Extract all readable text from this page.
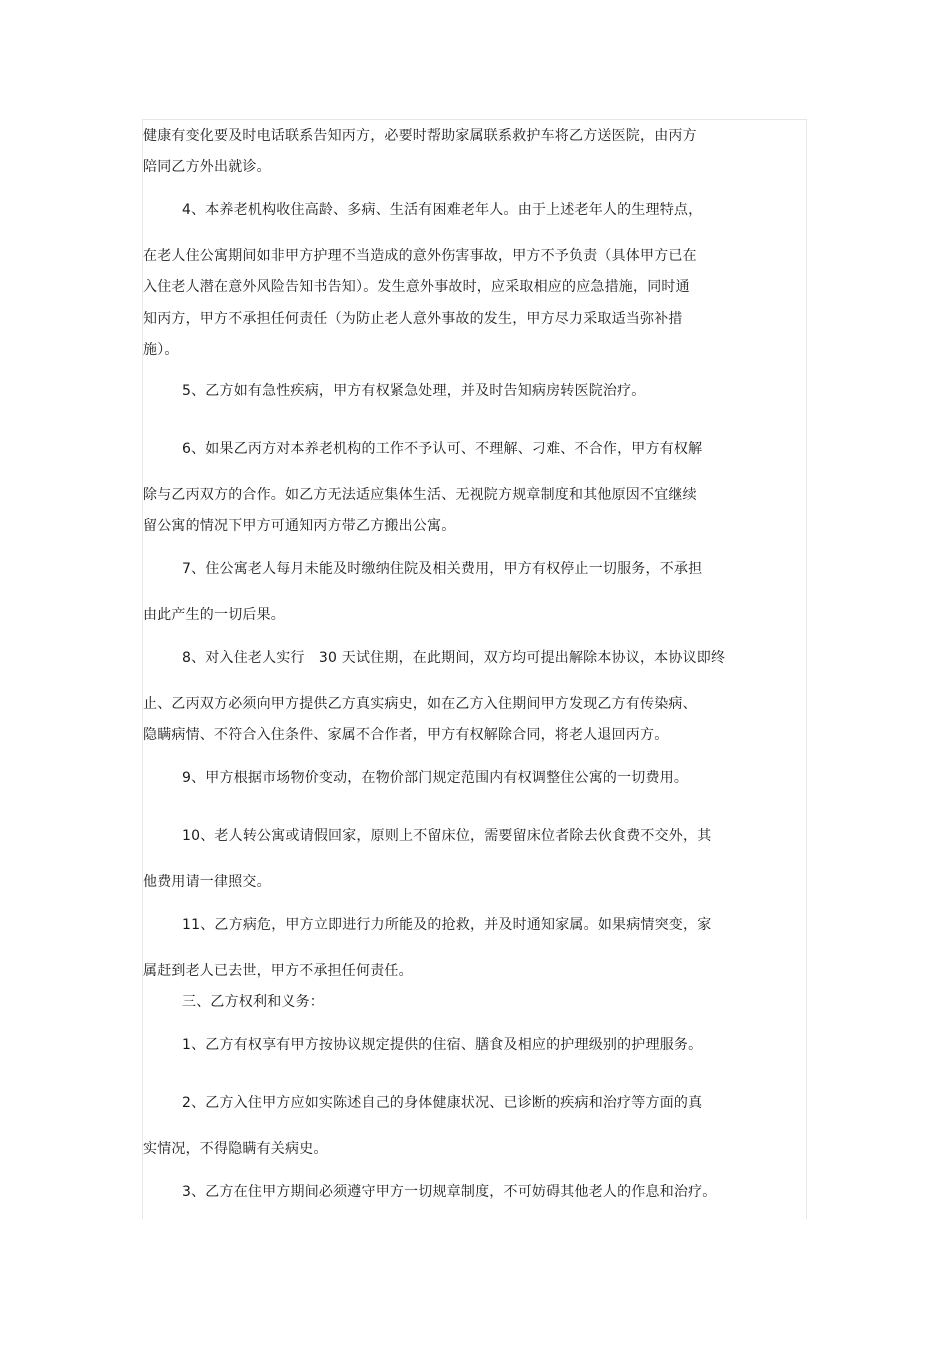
健康有变化要及时电话联系告知丙方，必要时帮助家属联系救护车将乙方送医院，由丙方
陪同乙方外出就诊。
4、本养老机构收住高龄、多病、生活有困难老年人。由于上述老年人的生理特点，
在老人住公寓期间如非甲方护理不当造成的意外伤害事故，甲方不予负责（具体甲方已在
入住老人潜在意外风险告知书告知）。发生意外事故时，应采取相应的应急措施，同时通
知丙方，甲方不承担任何责任（为防止老人意外事故的发生，甲方尽力采取适当弥补措
施）。
5、乙方如有急性疾病，甲方有权紧急处理，并及时告知病房转医院治疗。
6、如果乙丙方对本养老机构的工作不予认可、不理解、刁难、不合作，甲方有权解
除与乙丙双方的合作。如乙方无法适应集体生活、无视院方规章制度和其他原因不宜继续
留公寓的情况下甲方可通知丙方带乙方搬出公寓。
7、住公寓老人每月未能及时缴纳住院及相关费用，甲方有权停止一切服务，不承担
由此产生的一切后果。
8、对入住老人实行　30 天试住期，在此期间，双方均可提出解除本协议，本协议即终
止、乙丙双方必须向甲方提供乙方真实病史，如在乙方入住期间甲方发现乙方有传染病、
隐瞒病情、不符合入住条件、家属不合作者，甲方有权解除合同，将老人退回丙方。
9、甲方根据市场物价变动，在物价部门规定范围内有权调整住公寓的一切费用。
10、老人转公寓或请假回家，原则上不留床位，需要留床位者除去伙食费不交外，其
他费用请一律照交。
11、乙方病危，甲方立即进行力所能及的抢救，并及时通知家属。如果病情突变，家
属赶到老人已去世，甲方不承担任何责任。
三、乙方权利和义务：
1、乙方有权享有甲方按协议规定提供的住宿、膳食及相应的护理级别的护理服务。
2、乙方入住甲方应如实陈述自己的身体健康状况、已诊断的疾病和治疗等方面的真
实情况，不得隐瞒有关病史。
3、乙方在住甲方期间必须遵守甲方一切规章制度，不可妨碍其他老人的作息和治疗。
